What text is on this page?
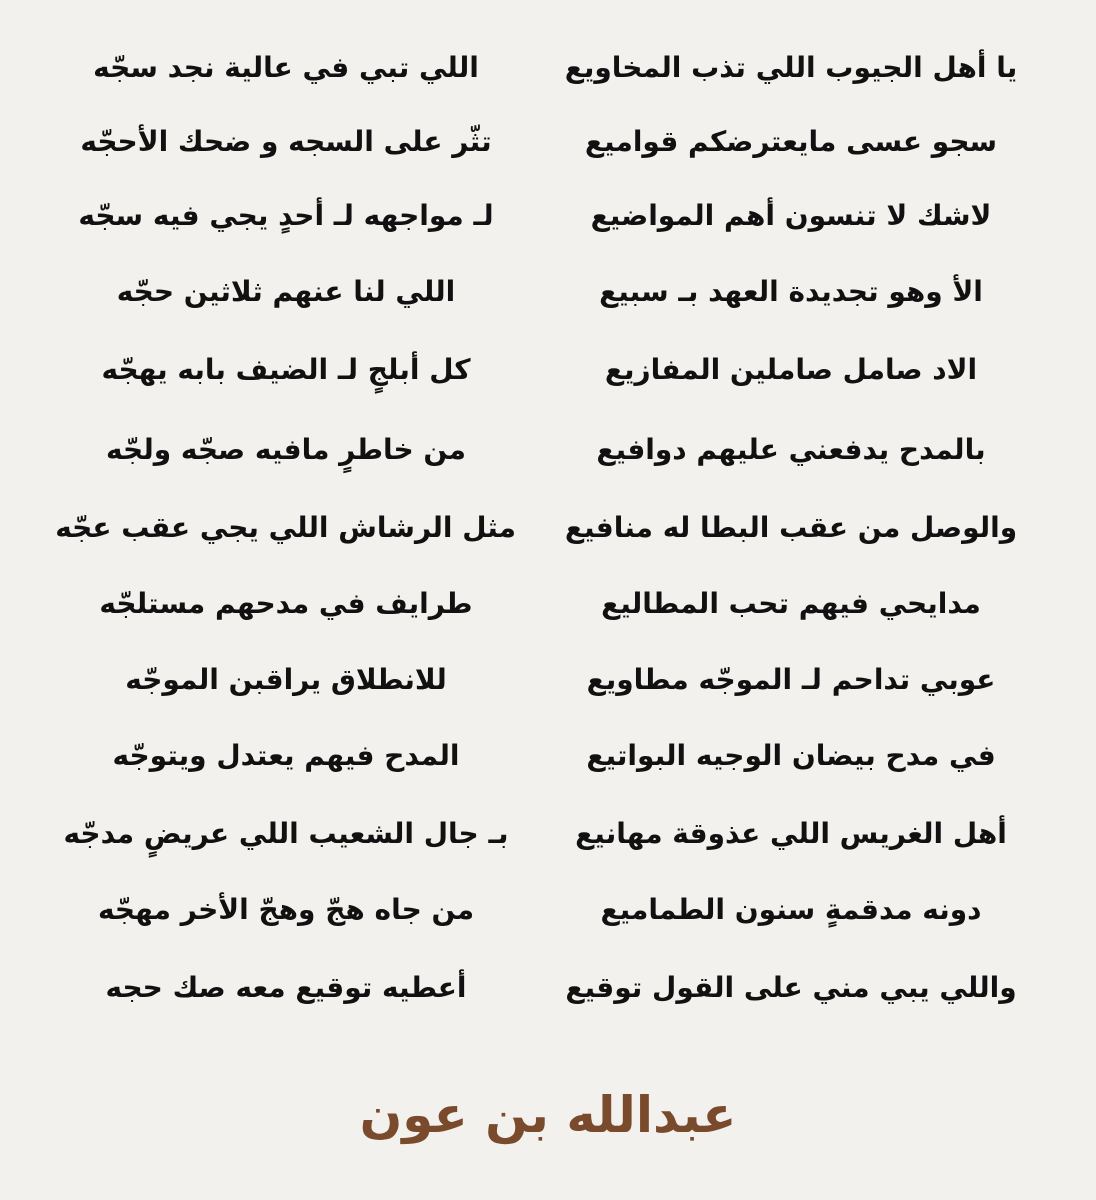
يا أهل الجيوب اللي تذب المخاويع
اللي تبي في عالية نجد سجّه
سجو عسى مايعترضكم قواميع
تثّر على السجه و ضحك الأحجّه
لاشك لا تنسون أهم المواضيع
لـ مواجهه لـ أحدٍ يجي فيه سجّه
الأ وهو تجديدة العهد بـ سبيع
اللي لنا عنهم ثلاثين حجّه
الاد صامل صاملين المفازيع
كل أبلجٍ لـ الضيف بابه يهجّه
بالمدح يدفعني عليهم دوافيع
من خاطرٍ مافيه صجّه ولجّه
والوصل من عقب البطا له منافيع
مثل الرشاش اللي يجي عقب عجّه
مدايحي فيهم تحب المطاليع
طرايف في مدحهم مستلجّه
عوبي تداحم لـ الموجّه مطاويع
للانطلاق يراقبن الموجّه
في مدح بيضان الوجيه البواتيع
المدح فيهم يعتدل ويتوجّه
أهل الغريس اللي عذوقة مهانيع
بـ جال الشعيب اللي عريضٍ مدجّه
دونه مدقمةٍ سنون الطماميع
من جاه هجّ وهجّ الأخر مهجّه
واللي يبي مني على القول توقيع
أعطيه توقيع معه صك حجه
عبدالله بن عون
